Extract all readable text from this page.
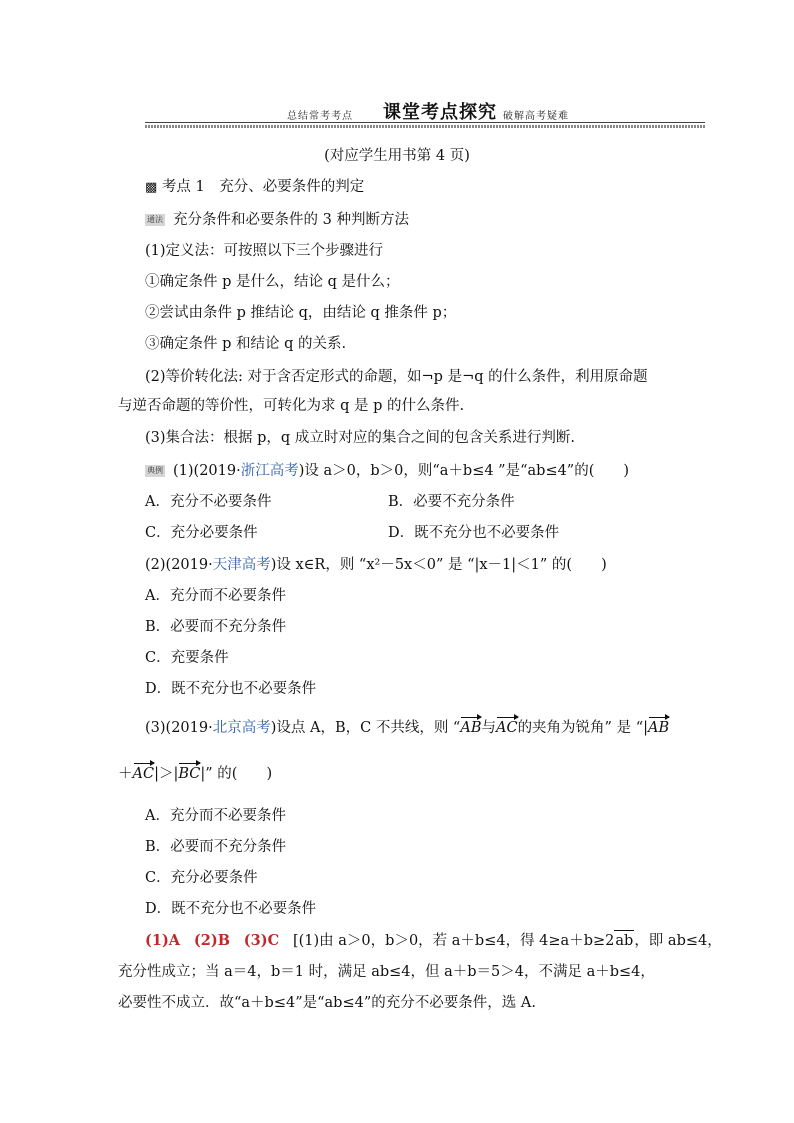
总结常考考点 课堂考点探究 破解高考疑难
(对应学生用书第 4 页)
▩ 考点 1　充分、必要条件的判定
通法 充分条件和必要条件的 3 种判断方法
(1)定义法：可按照以下三个步骤进行
①确定条件 p 是什么，结论 q 是什么；
②尝试由条件 p 推结论 q，由结论 q 推条件 p；
③确定条件 p 和结论 q 的关系.
(2)等价转化法: 对于含否定形式的命题，如¬p 是¬q 的什么条件，利用原命题
与逆否命题的等价性，可转化为求 q 是 p 的什么条件.
(3)集合法：根据 p，q 成立时对应的集合之间的包含关系进行判断.
典例 (1)(2019·浙江高考)设 a＞0，b＞0，则“a＋b≤4 ”是“ab≤4”的(　　)
A．充分不必要条件	B．必要不充分条件
C．充分必要条件	D．既不充分也不必要条件
(2)(2019·天津高考)设 x∈R，则 “x²－5x＜0” 是 “|x－1|＜1” 的(　　)
A．充分而不必要条件
B．必要而不充分条件
C．充要条件
D．既不充分也不必要条件
(3)(2019·北京高考)设点 A，B，C 不共线，则 “AB与AC的夹角为锐角” 是 “|AB
＋AC|＞|BC|” 的(　　)
A．充分而不必要条件
B．必要而不充分条件
C．充分必要条件
D．既不充分也不必要条件
(1)A (2)B (3)C [(1)由 a＞0，b＞0，若 a＋b≤4，得 4≥a＋b≥2ab，即 ab≤4，
充分性成立；当 a＝4，b＝1 时，满足 ab≤4，但 a＋b＝5＞4，不满足 a＋b≤4，
必要性不成立．故“a＋b≤4”是“ab≤4”的充分不必要条件，选 A.
